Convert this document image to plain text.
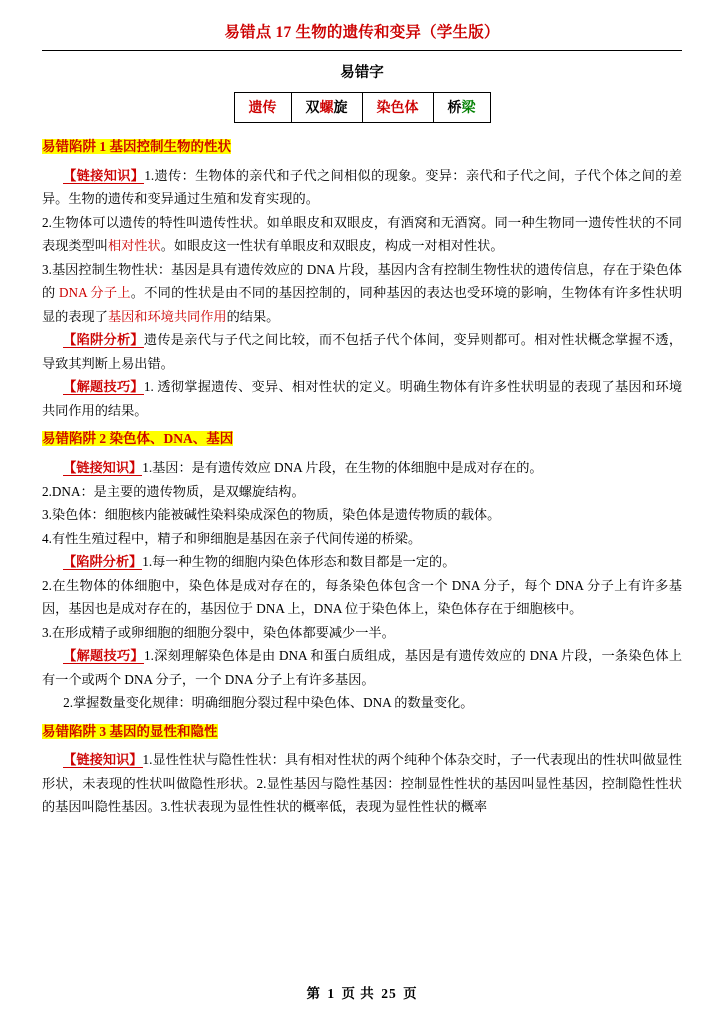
易错点 17 生物的遗传和变异（学生版）
易错字
遗传	双螺旋	染色体	桥梁
易错陷阱 1 基因控制生物的性状

【链接知识】1.遗传：生物体的亲代和子代之间相似的现象。变异：亲代和子代之间，子代个体之间的差异。生物的遗传和变异通过生殖和发育实现的。

2.生物体可以遗传的特性叫遗传性状。如单眼皮和双眼皮，有酒窝和无酒窝。同一种生物同一遗传性状的不同表现类型叫相对性状。如眼皮这一性状有单眼皮和双眼皮，构成一对相对性状。

3.基因控制生物性状：基因是具有遗传效应的 DNA 片段，基因内含有控制生物性状的遗传信息，存在于染色体的 DNA 分子上。不同的性状是由不同的基因控制的，同种基因的表达也受环境的影响，生物体有许多性状明显的表现了基因和环境共同作用的结果。

【陷阱分析】遗传是亲代与子代之间比较，而不包括子代个体间，变异则都可。相对性状概念掌握不透，导致其判断上易出错。

【解题技巧】1. 透彻掌握遗传、变异、相对性状的定义。明确生物体有许多性状明显的表现了基因和环境共同作用的结果。

易错陷阱 2 染色体、DNA、基因

【链接知识】1.基因：是有遗传效应 DNA 片段，在生物的体细胞中是成对存在的。

2.DNA：是主要的遗传物质，是双螺旋结构。

3.染色体：细胞核内能被碱性染料染成深色的物质，染色体是遗传物质的载体。

4.有性生殖过程中，精子和卵细胞是基因在亲子代间传递的桥梁。

【陷阱分析】1.每一种生物的细胞内染色体形态和数目都是一定的。

2.在生物体的体细胞中，染色体是成对存在的，每条染色体包含一个 DNA 分子，每个 DNA 分子上有许多基因，基因也是成对存在的，基因位于 DNA 上，DNA 位于染色体上，染色体存在于细胞核中。

3.在形成精子或卵细胞的细胞分裂中，染色体都要减少一半。

【解题技巧】1.深刻理解染色体是由 DNA 和蛋白质组成，基因是有遗传效应的 DNA 片段，一条染色体上有一个或两个 DNA 分子，一个 DNA 分子上有许多基因。

2.掌握数量变化规律：明确细胞分裂过程中染色体、DNA 的数量变化。

易错陷阱 3 基因的显性和隐性

【链接知识】1.显性性状与隐性性状：具有相对性状的两个纯种个体杂交时，子一代表现出的性状叫做显性形状，未表现的性状叫做隐性形状。2.显性基因与隐性基因：控制显性性状的基因叫显性基因，控制隐性性状的基因叫隐性基因。3.性状表现为显性性状的概率低，表现为显性性状的概率

第 1 页 共 25 页
